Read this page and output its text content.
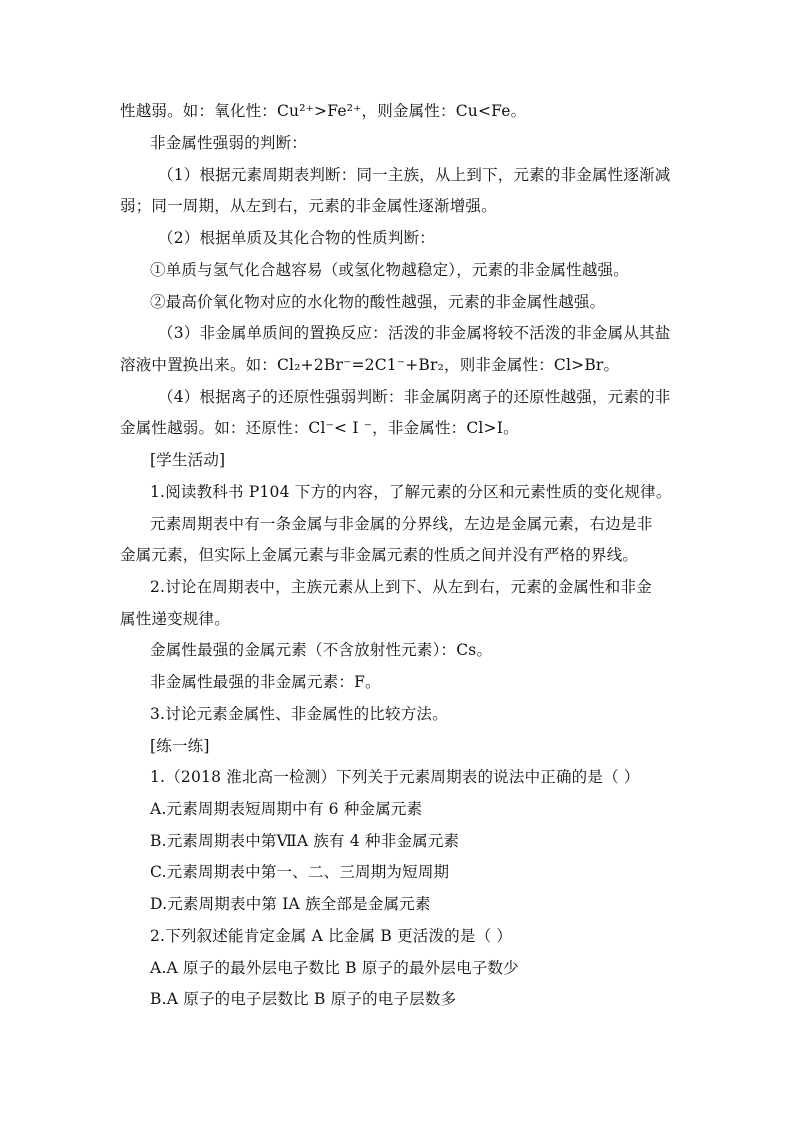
性越弱。如：氧化性：Cu²⁺>Fe²⁺，则金属性：Cu<Fe。

非金属性强弱的判断：

（1）根据元素周期表判断：同一主族，从上到下，元素的非金属性逐渐减

弱；同一周期，从左到右，元素的非金属性逐渐增强。

（2）根据单质及其化合物的性质判断：

①单质与氢气化合越容易（或氢化物越稳定），元素的非金属性越强。

②最高价氧化物对应的水化物的酸性越强，元素的非金属性越强。

（3）非金属单质间的置换反应：活泼的非金属将较不活泼的非金属从其盐

溶液中置换出来。如：Cl₂+2Br⁻=2C1⁻+Br₂，则非金属性：Cl>Br。

（4）根据离子的还原性强弱判断：非金属阴离子的还原性越强，元素的非

金属性越弱。如：还原性：Cl⁻< I ⁻，非金属性：Cl>I。

[学生活动]

1.阅读教科书 P104 下方的内容，了解元素的分区和元素性质的变化规律。

元素周期表中有一条金属与非金属的分界线，左边是金属元素，右边是非

金属元素，但实际上金属元素与非金属元素的性质之间并没有严格的界线。

2.讨论在周期表中，主族元素从上到下、从左到右，元素的金属性和非金

属性递变规律。

金属性最强的金属元素（不含放射性元素）：Cs。

非金属性最强的非金属元素：F。

3.讨论元素金属性、非金属性的比较方法。

[练一练]

1.（2018 淮北高一检测）下列关于元素周期表的说法中正确的是（ ）

A.元素周期表短周期中有 6 种金属元素

B.元素周期表中第ⅦA 族有 4 种非金属元素

C.元素周期表中第一、二、三周期为短周期

D.元素周期表中第 IA 族全部是金属元素

2.下列叙述能肯定金属 A 比金属 B 更活泼的是（ ）

A.A 原子的最外层电子数比 B 原子的最外层电子数少

B.A 原子的电子层数比 B 原子的电子层数多
